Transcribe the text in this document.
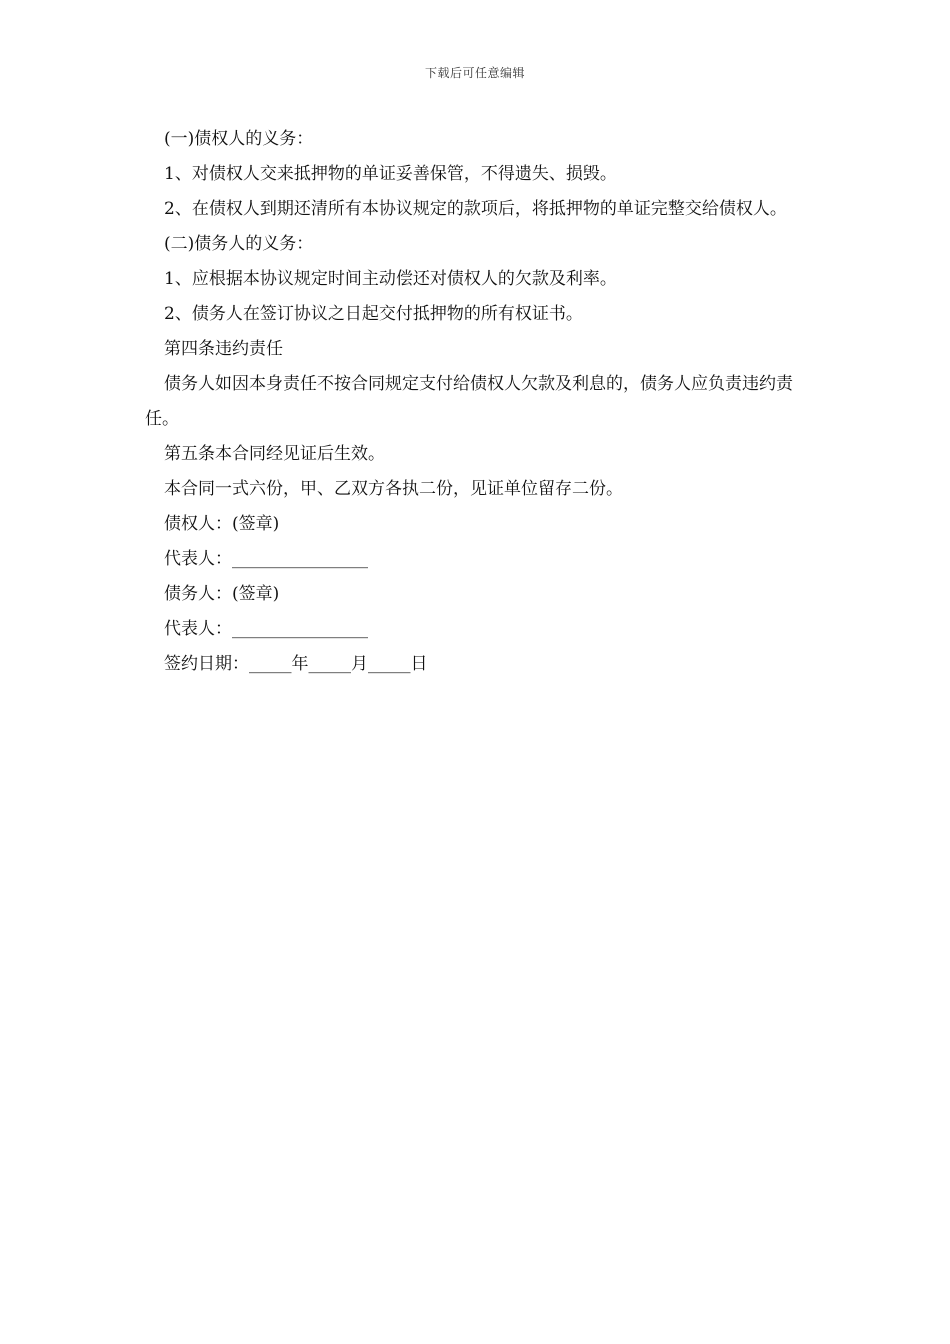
下载后可任意编辑

(一)债权人的义务：

1、对债权人交来抵押物的单证妥善保管，不得遗失、损毁。

2、在债权人到期还清所有本协议规定的款项后，将抵押物的单证完整交给债权人。

(二)债务人的义务：

1、应根据本协议规定时间主动偿还对债权人的欠款及利率。

2、债务人在签订协议之日起交付抵押物的所有权证书。

第四条违约责任

债务人如因本身责任不按合同规定支付给债权人欠款及利息的，债务人应负责违约责任。

第五条本合同经见证后生效。

本合同一式六份，甲、乙双方各执二份，见证单位留存二份。

债权人：(签章)

代表人：________________

债务人：(签章)

代表人：________________

签约日期：_____年_____月_____日
